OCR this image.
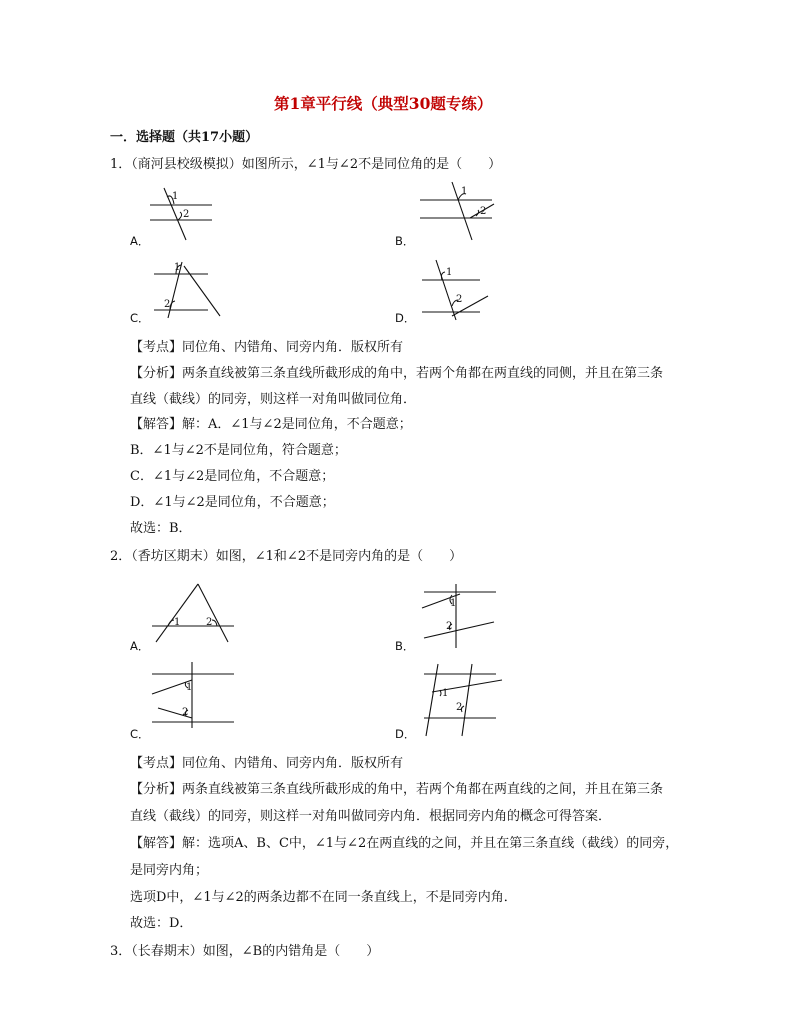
第1章平行线（典型30题专练）
一．选择题（共17小题）
1．（商河县校级模拟）如图所示，∠1与∠2不是同位角的是（　　）
1
2
A．
1
2
B．
1
2
C．
1
2
D．
【考点】同位角、内错角、同旁内角．版权所有
【分析】两条直线被第三条直线所截形成的角中，若两个角都在两直线的同侧，并且在第三条
直线（截线）的同旁，则这样一对角叫做同位角．
【解答】解：A．∠1与∠2是同位角，不合题意；
B．∠1与∠2不是同位角，符合题意；
C．∠1与∠2是同位角，不合题意；
D．∠1与∠2是同位角，不合题意；
故选：B．
2．（香坊区期末）如图，∠1和∠2不是同旁内角的是（　　）
1	2
A．
1
2
B．
1
2
C．
1
2
D．
【考点】同位角、内错角、同旁内角．版权所有
【分析】两条直线被第三条直线所截形成的角中，若两个角都在两直线的之间，并且在第三条
直线（截线）的同旁，则这样一对角叫做同旁内角．根据同旁内角的概念可得答案．
【解答】解：选项A、B、C中，∠1与∠2在两直线的之间，并且在第三条直线（截线）的同旁，
是同旁内角；
选项D中，∠1与∠2的两条边都不在同一条直线上，不是同旁内角．
故选：D．
3．（长春期末）如图，∠B的内错角是（　　）
